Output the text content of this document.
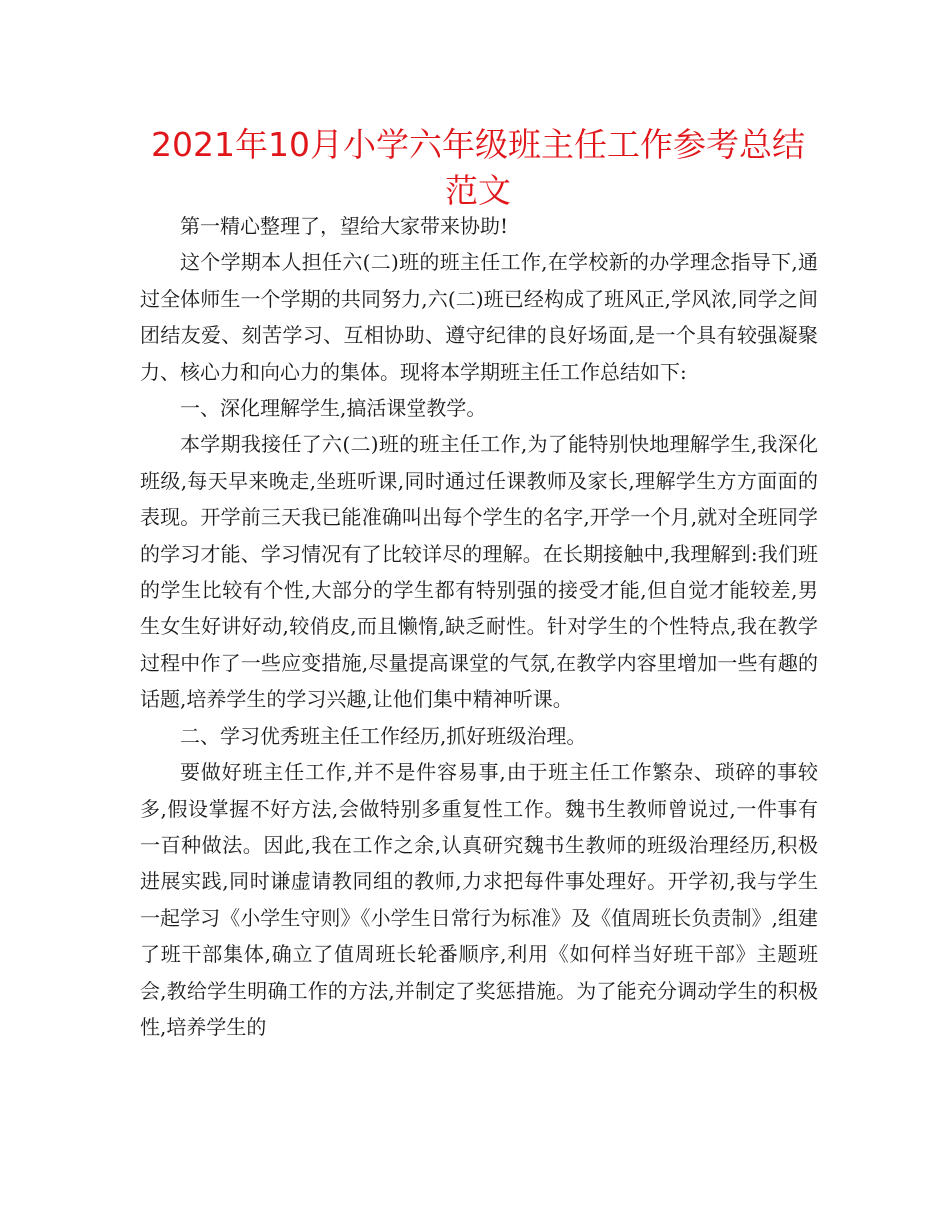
2021年10月小学六年级班主任工作参考总结范文

第一精心整理了，望给大家带来协助!

这个学期本人担任六(二)班的班主任工作,在学校新的办学理念指导下,通过全体师生一个学期的共同努力,六(二)班已经构成了班风正,学风浓,同学之间团结友爱、刻苦学习、互相协助、遵守纪律的良好场面,是一个具有较强凝聚力、核心力和向心力的集体。现将本学期班主任工作总结如下:

一、深化理解学生,搞活课堂教学。

本学期我接任了六(二)班的班主任工作,为了能特别快地理解学生,我深化班级,每天早来晚走,坐班听课,同时通过任课教师及家长,理解学生方方面面的表现。开学前三天我已能准确叫出每个学生的名字,开学一个月,就对全班同学的学习才能、学习情况有了比较详尽的理解。在长期接触中,我理解到:我们班的学生比较有个性,大部分的学生都有特别强的接受才能,但自觉才能较差,男生女生好讲好动,较俏皮,而且懒惰,缺乏耐性。针对学生的个性特点,我在教学过程中作了一些应变措施,尽量提高课堂的气氛,在教学内容里增加一些有趣的话题,培养学生的学习兴趣,让他们集中精神听课。

二、学习优秀班主任工作经历,抓好班级治理。

要做好班主任工作,并不是件容易事,由于班主任工作繁杂、琐碎的事较多,假设掌握不好方法,会做特别多重复性工作。魏书生教师曾说过,一件事有一百种做法。因此,我在工作之余,认真研究魏书生教师的班级治理经历,积极进展实践,同时谦虚请教同组的教师,力求把每件事处理好。开学初,我与学生一起学习《小学生守则》《小学生日常行为标准》及《值周班长负责制》,组建了班干部集体,确立了值周班长轮番顺序,利用《如何样当好班干部》主题班会,教给学生明确工作的方法,并制定了奖惩措施。为了能充分调动学生的积极性,培养学生的
